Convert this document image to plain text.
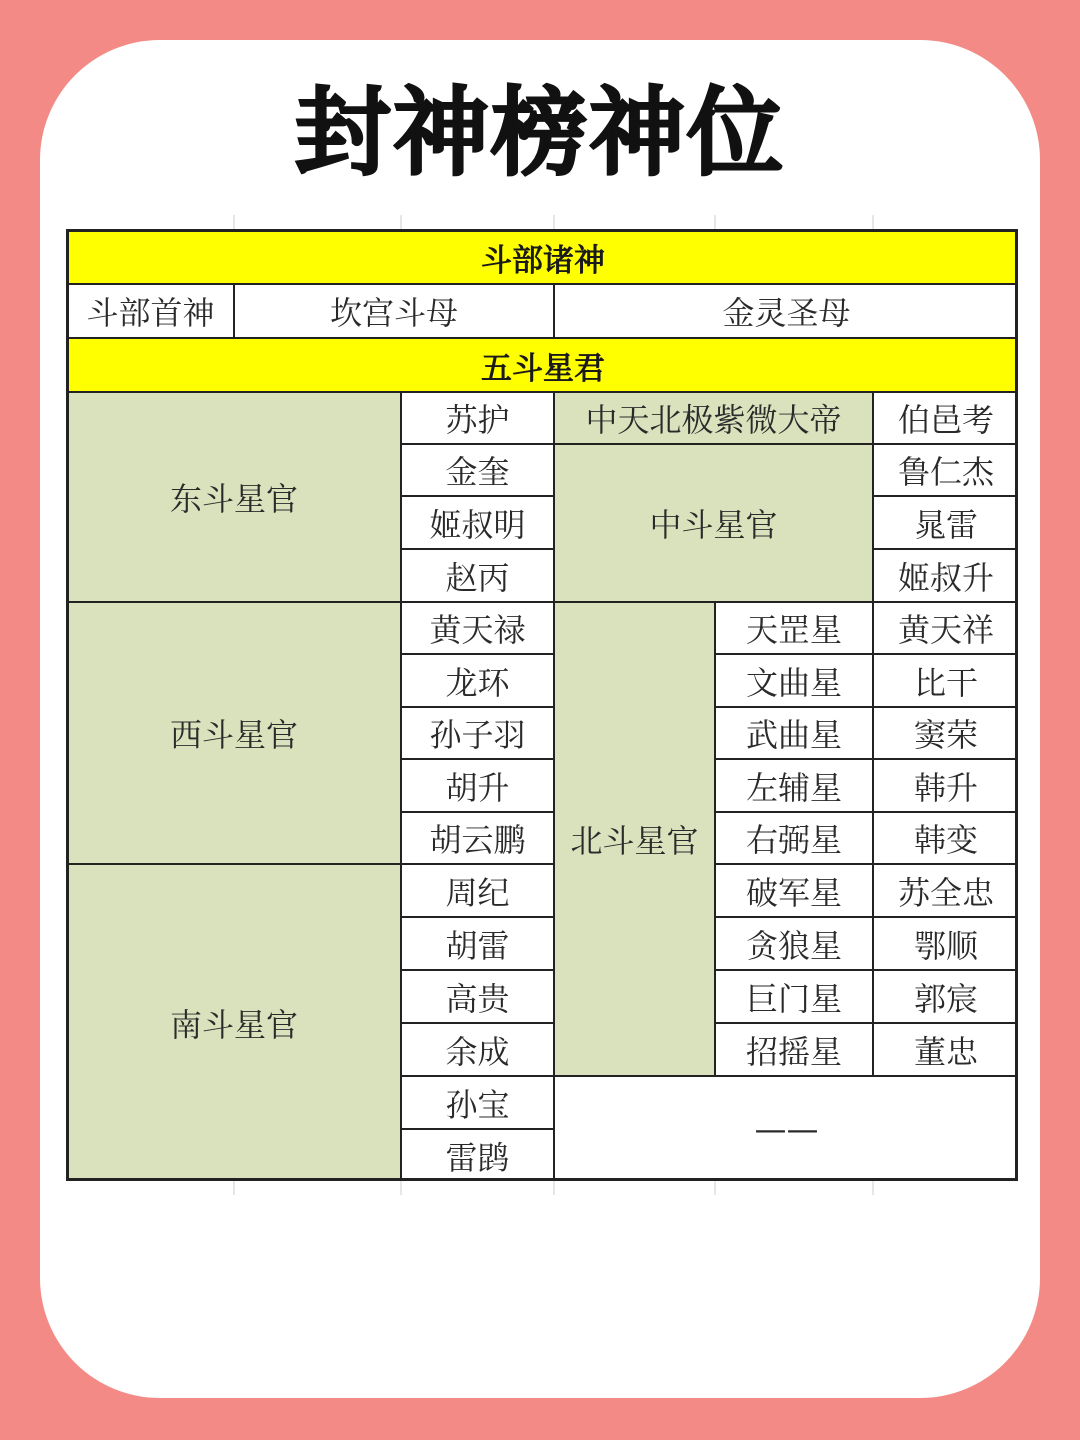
封神榜神位
斗部诸神
斗部首神	坎宫斗母	金灵圣母
五斗星君
东斗星官
西斗星官
南斗星官
苏护
金奎
姬叔明
赵丙
黄天禄
龙环
孙子羽
胡升
胡云鹏
周纪
胡雷
高贵
余成
孙宝
雷鹍
中天北极紫微大帝
中斗星官
北斗星官
天罡星
文曲星
武曲星
左辅星
右弼星
破军星
贪狼星
巨门星
招摇星
伯邑考
鲁仁杰
晁雷
姬叔升
黄天祥
比干
窦荣
韩升
韩变
苏全忠
鄂顺
郭宸
董忠
——
